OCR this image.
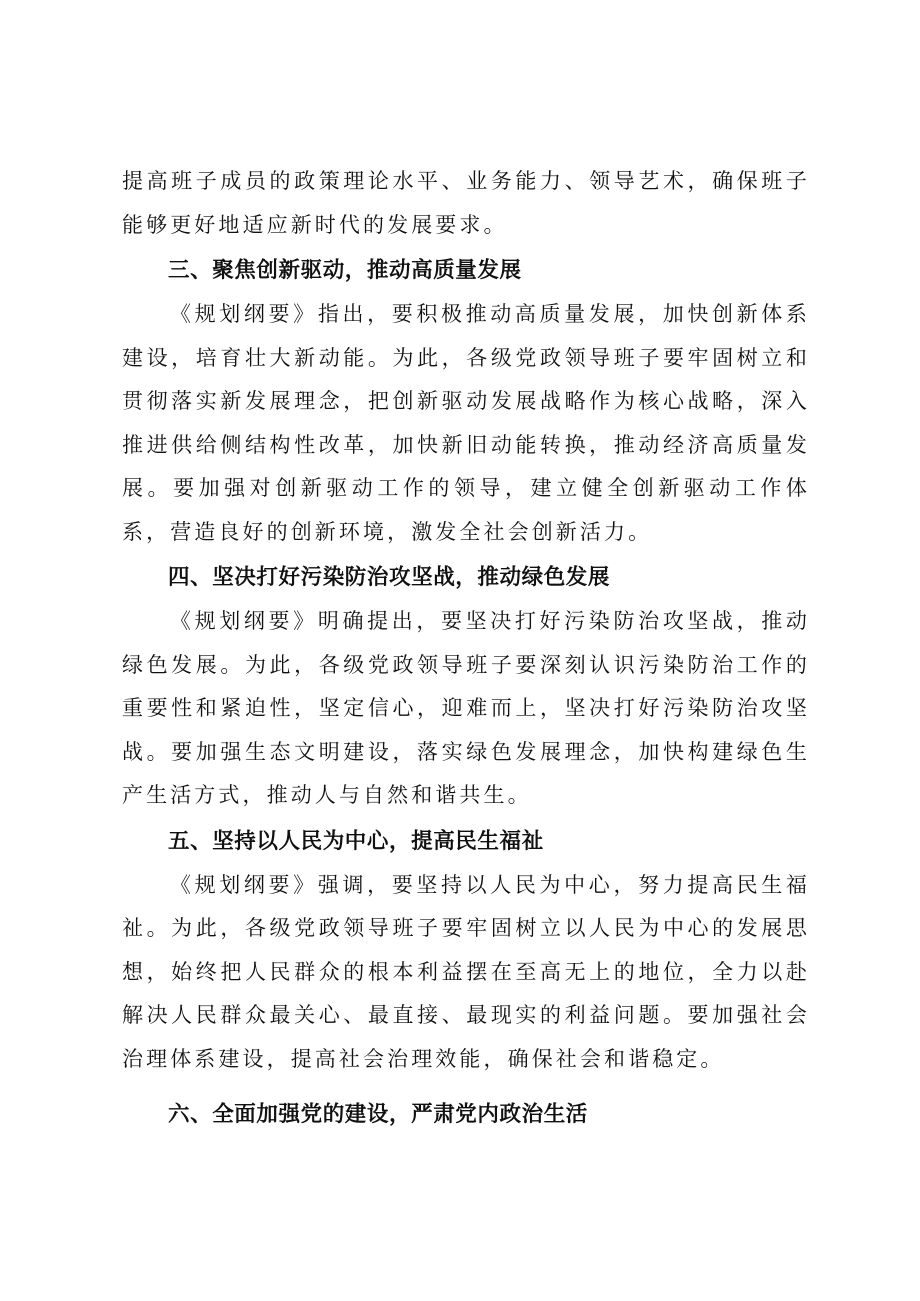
提高班子成员的政策理论水平、业务能力、领导艺术，确保班子能够更好地适应新时代的发展要求。

三、聚焦创新驱动，推动高质量发展

《规划纲要》指出，要积极推动高质量发展，加快创新体系建设，培育壮大新动能。为此，各级党政领导班子要牢固树立和贯彻落实新发展理念，把创新驱动发展战略作为核心战略，深入推进供给侧结构性改革，加快新旧动能转换，推动经济高质量发展。要加强对创新驱动工作的领导，建立健全创新驱动工作体系，营造良好的创新环境，激发全社会创新活力。

四、坚决打好污染防治攻坚战，推动绿色发展

《规划纲要》明确提出，要坚决打好污染防治攻坚战，推动绿色发展。为此，各级党政领导班子要深刻认识污染防治工作的重要性和紧迫性，坚定信心，迎难而上，坚决打好污染防治攻坚战。要加强生态文明建设，落实绿色发展理念，加快构建绿色生产生活方式，推动人与自然和谐共生。

五、坚持以人民为中心，提高民生福祉

《规划纲要》强调，要坚持以人民为中心，努力提高民生福祉。为此，各级党政领导班子要牢固树立以人民为中心的发展思想，始终把人民群众的根本利益摆在至高无上的地位，全力以赴解决人民群众最关心、最直接、最现实的利益问题。要加强社会治理体系建设，提高社会治理效能，确保社会和谐稳定。

六、全面加强党的建设，严肃党内政治生活
